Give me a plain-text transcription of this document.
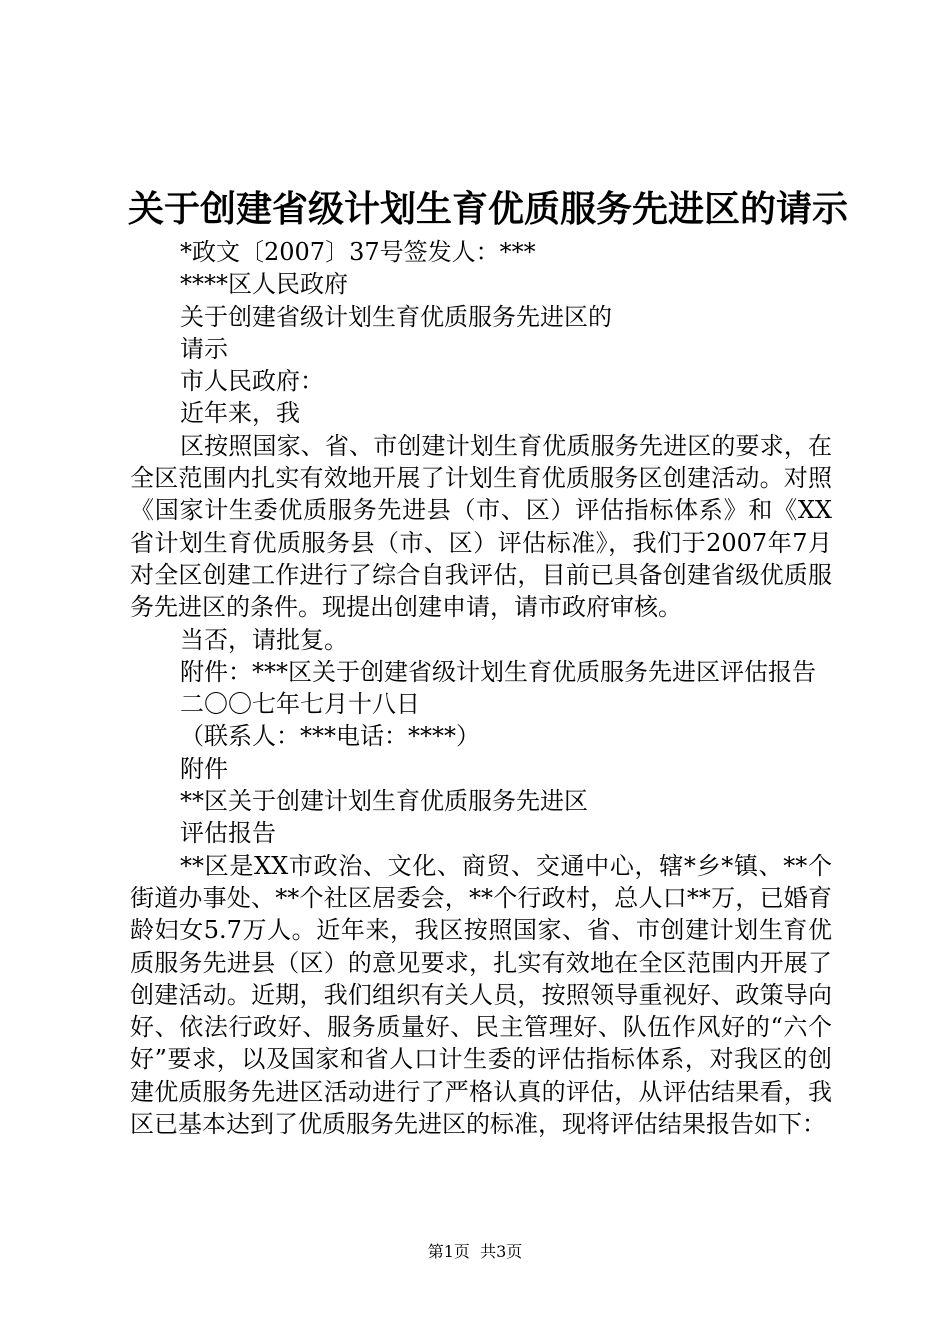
关于创建省级计划生育优质服务先进区的请示

*政文〔2007〕37号签发人：***

****区人民政府

关于创建省级计划生育优质服务先进区的

请示

市人民政府：

近年来，我

区按照国家、省、市创建计划生育优质服务先进区的要求，在全区范围内扎实有效地开展了计划生育优质服务区创建活动。对照《国家计生委优质服务先进县（市、区）评估指标体系》和《XX省计划生育优质服务县（市、区）评估标准》，我们于2007年7月对全区创建工作进行了综合自我评估，目前已具备创建省级优质服务先进区的条件。现提出创建申请，请市政府审核。

当否，请批复。

附件：***区关于创建省级计划生育优质服务先进区评估报告

二〇〇七年七月十八日

（联系人：***电话：****）

附件

**区关于创建计划生育优质服务先进区

评估报告

**区是XX市政治、文化、商贸、交通中心，辖*乡*镇、**个街道办事处、**个社区居委会，**个行政村，总人口**万，已婚育龄妇女5.7万人。近年来，我区按照国家、省、市创建计划生育优质服务先进县（区）的意见要求，扎实有效地在全区范围内开展了创建活动。近期，我们组织有关人员，按照领导重视好、政策导向好、依法行政好、服务质量好、民主管理好、队伍作风好的“六个好”要求，以及国家和省人口计生委的评估指标体系，对我区的创建优质服务先进区活动进行了严格认真的评估，从评估结果看，我区已基本达到了优质服务先进区的标准，现将评估结果报告如下：

第1页  共3页
